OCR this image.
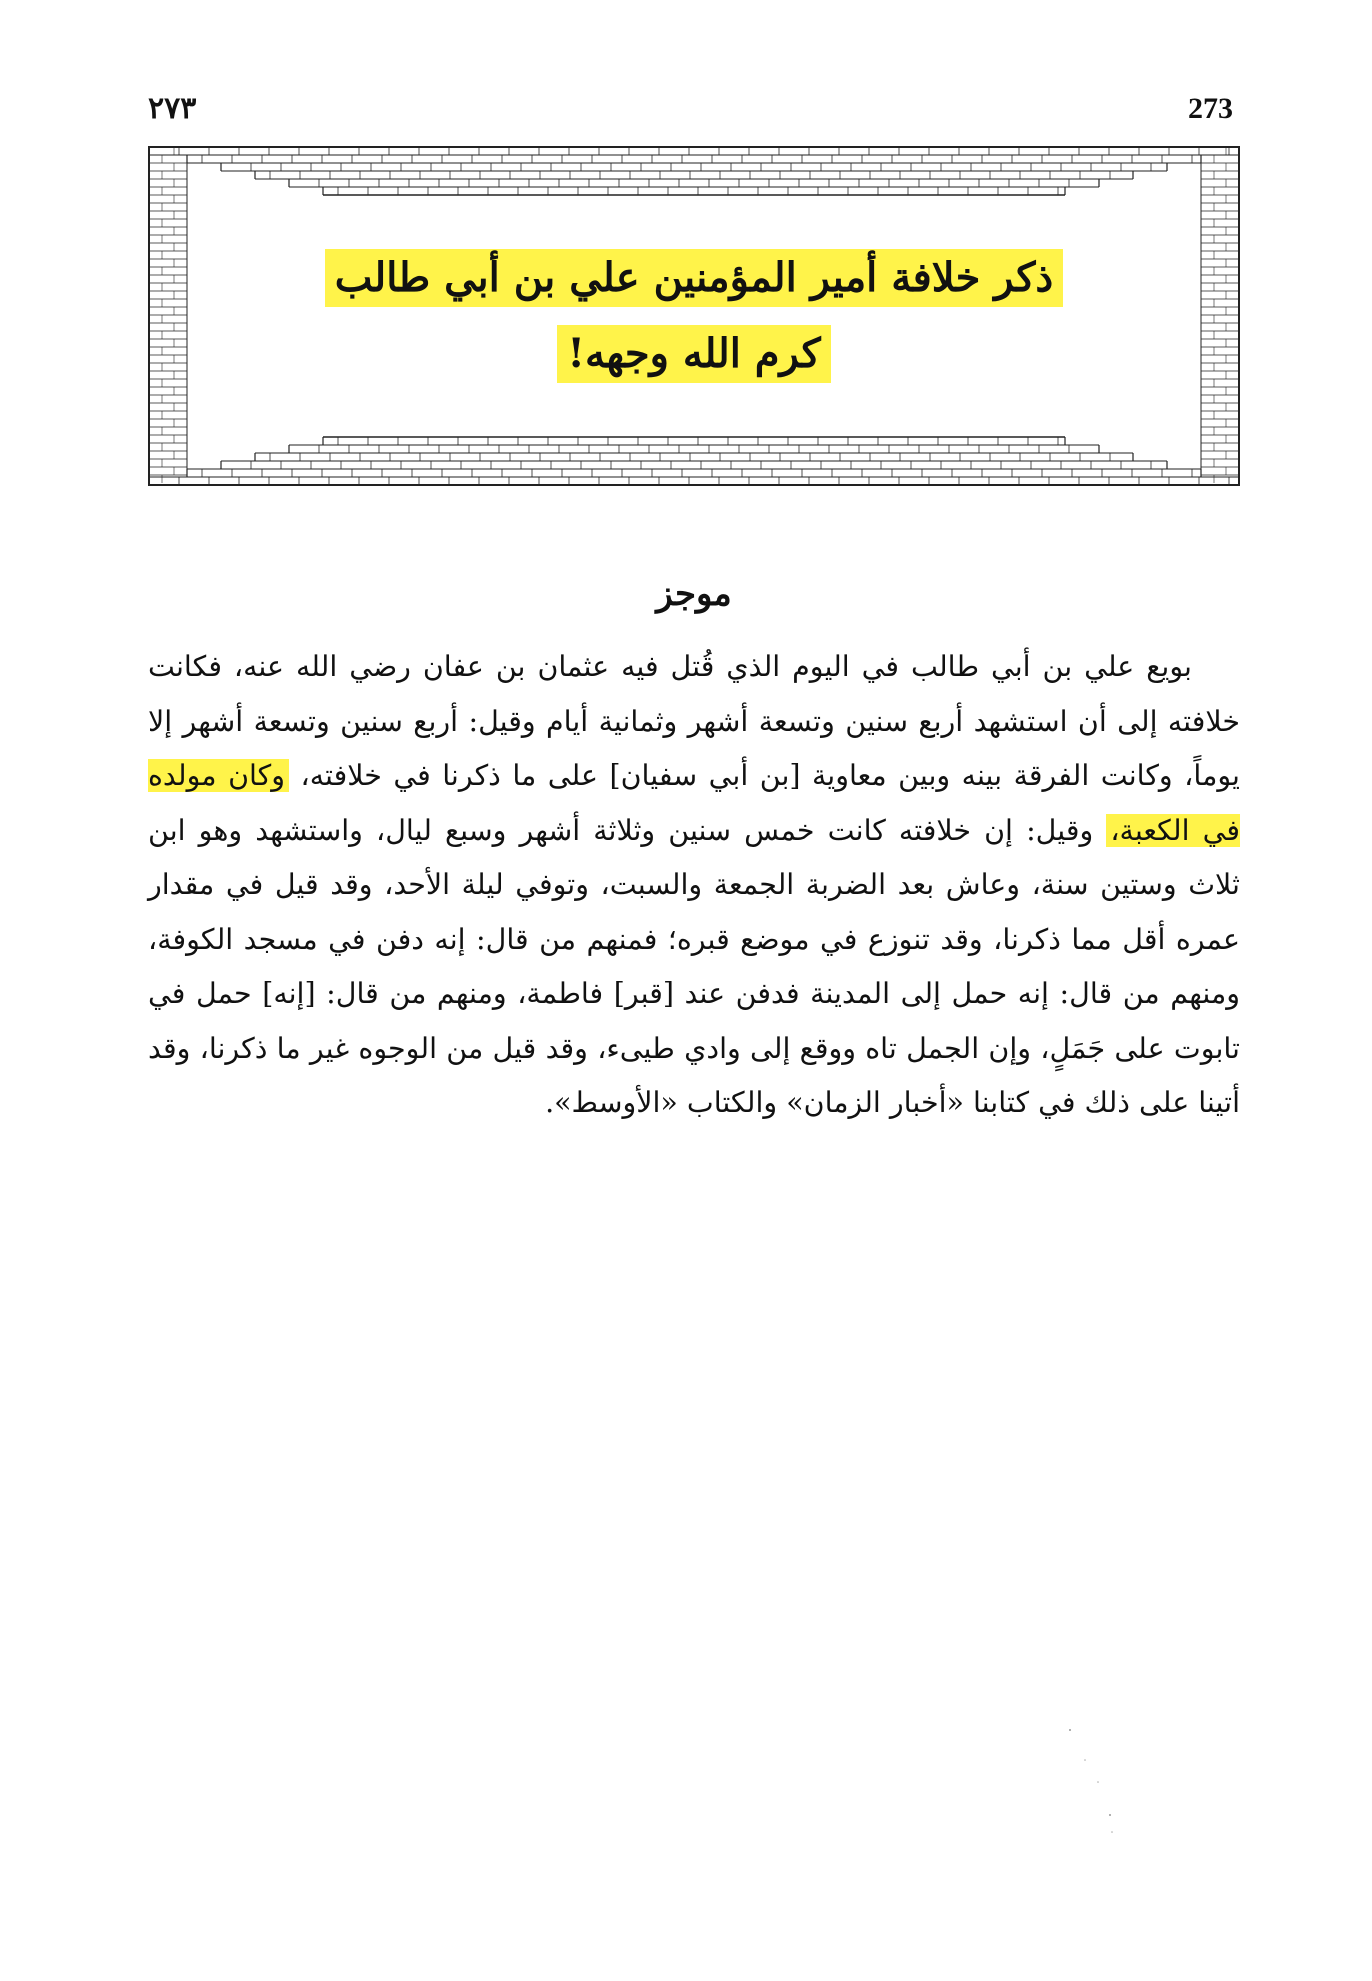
273
٢٧٣
ذكر خلافة أمير المؤمنين علي بن أبي طالب
كرم الله وجهه!
موجز

بويع علي بن أبي طالب في اليوم الذي قُتل فيه عثمان بن عفان رضي الله عنه، فكانت خلافته إلى أن استشهد أربع سنين وتسعة أشهر وثمانية أيام وقيل: أربع سنين وتسعة أشهر إلا يوماً، وكانت الفرقة بينه وبين معاوية [بن أبي سفيان] على ما ذكرنا في خلافته، وكان مولده في الكعبة، وقيل: إن خلافته كانت خمس سنين وثلاثة أشهر وسبع ليال، واستشهد وهو ابن ثلاث وستين سنة، وعاش بعد الضربة الجمعة والسبت، وتوفي ليلة الأحد، وقد قيل في مقدار عمره أقل مما ذكرنا، وقد تنوزع في موضع قبره؛ فمنهم من قال: إنه دفن في مسجد الكوفة، ومنهم من قال: إنه حمل إلى المدينة فدفن عند [قبر] فاطمة، ومنهم من قال: [إنه] حمل في تابوت على جَمَلٍ، وإن الجمل تاه ووقع إلى وادي طيىء، وقد قيل من الوجوه غير ما ذكرنا، وقد أتينا على ذلك في كتابنا «أخبار الزمان» والكتاب «الأوسط».
